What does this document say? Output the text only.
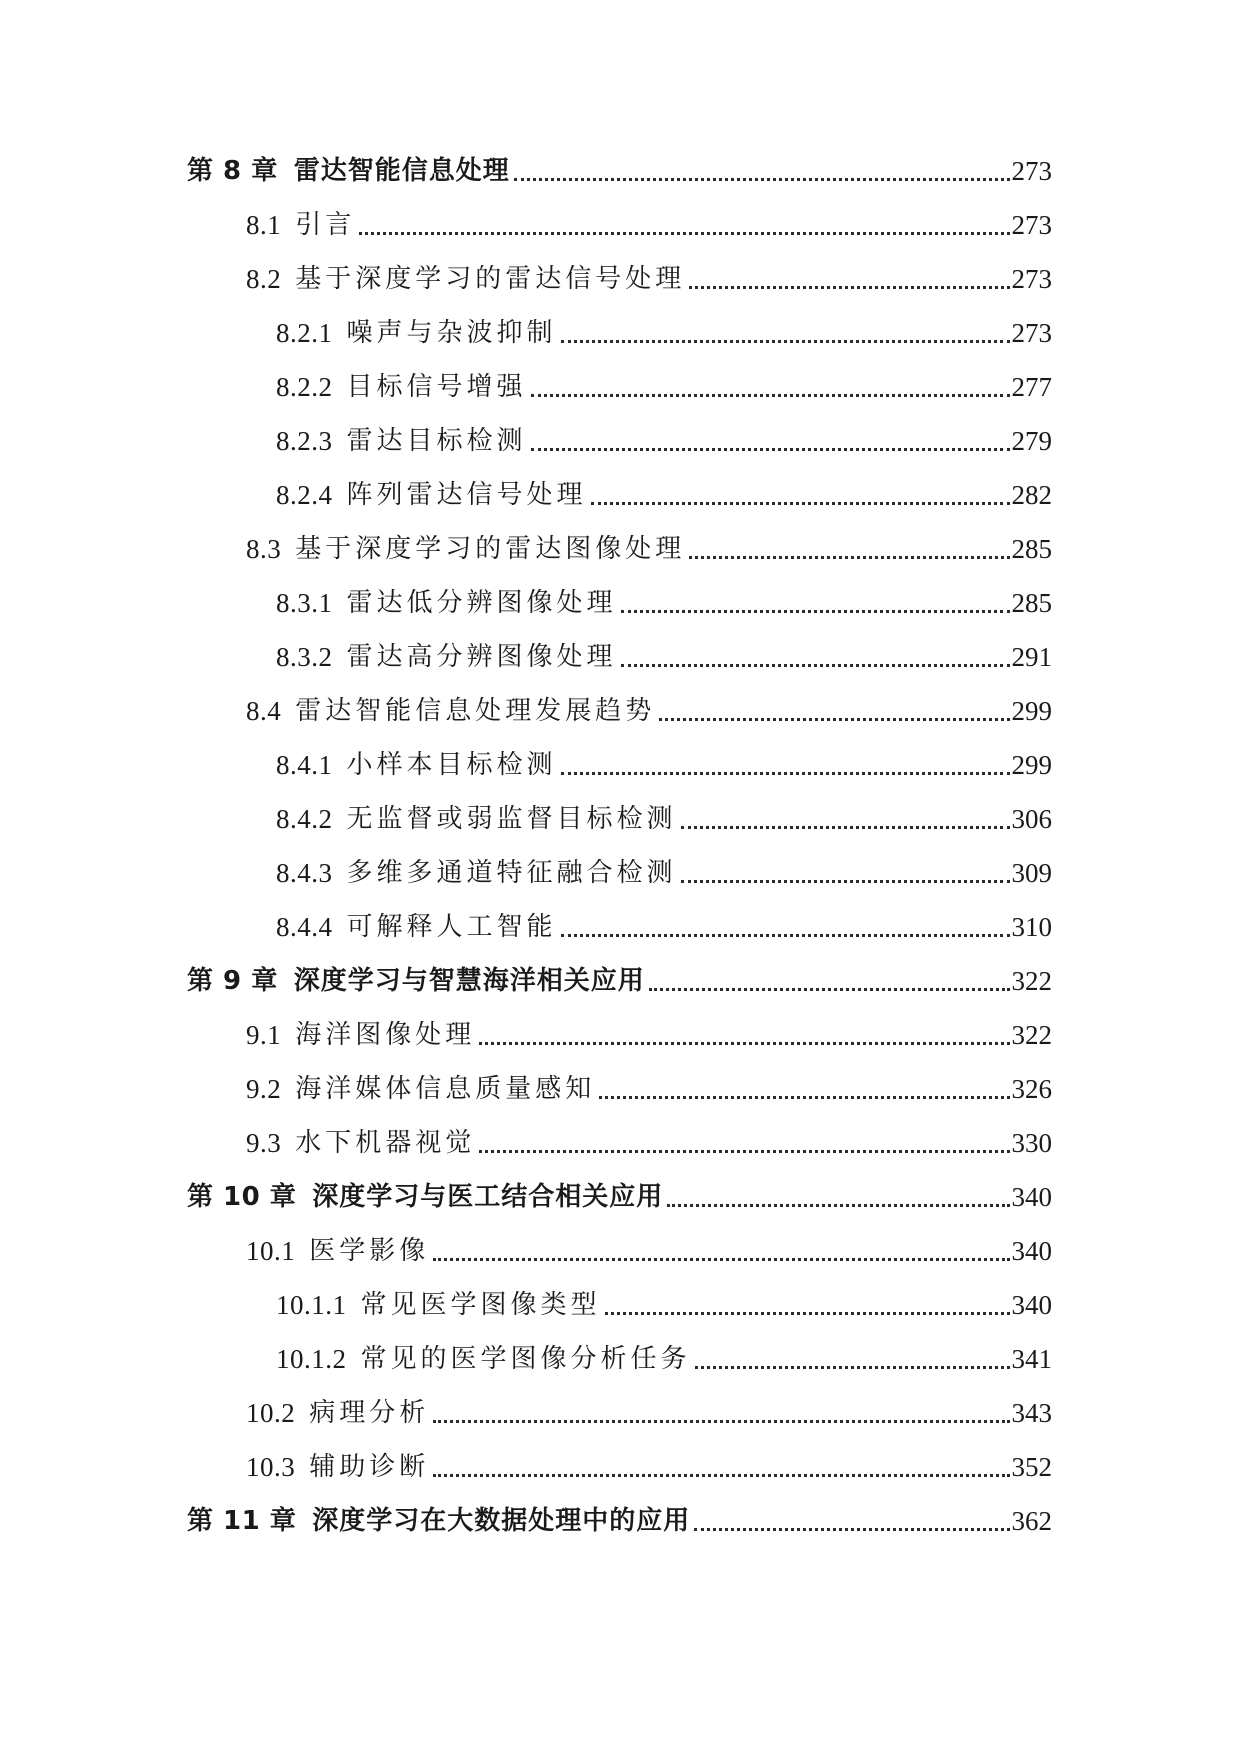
第 8 章 雷达智能信息处理	273
8.1 引言	273
8.2 基于深度学习的雷达信号处理	273
8.2.1 噪声与杂波抑制	273
8.2.2 目标信号增强	277
8.2.3 雷达目标检测	279
8.2.4 阵列雷达信号处理	282
8.3 基于深度学习的雷达图像处理	285
8.3.1 雷达低分辨图像处理	285
8.3.2 雷达高分辨图像处理	291
8.4 雷达智能信息处理发展趋势	299
8.4.1 小样本目标检测	299
8.4.2 无监督或弱监督目标检测	306
8.4.3 多维多通道特征融合检测	309
8.4.4 可解释人工智能	310
第 9 章 深度学习与智慧海洋相关应用	322
9.1 海洋图像处理	322
9.2 海洋媒体信息质量感知	326
9.3 水下机器视觉	330
第 10 章 深度学习与医工结合相关应用	340
10.1 医学影像	340
10.1.1 常见医学图像类型	340
10.1.2 常见的医学图像分析任务	341
10.2 病理分析	343
10.3 辅助诊断	352
第 11 章 深度学习在大数据处理中的应用	362
